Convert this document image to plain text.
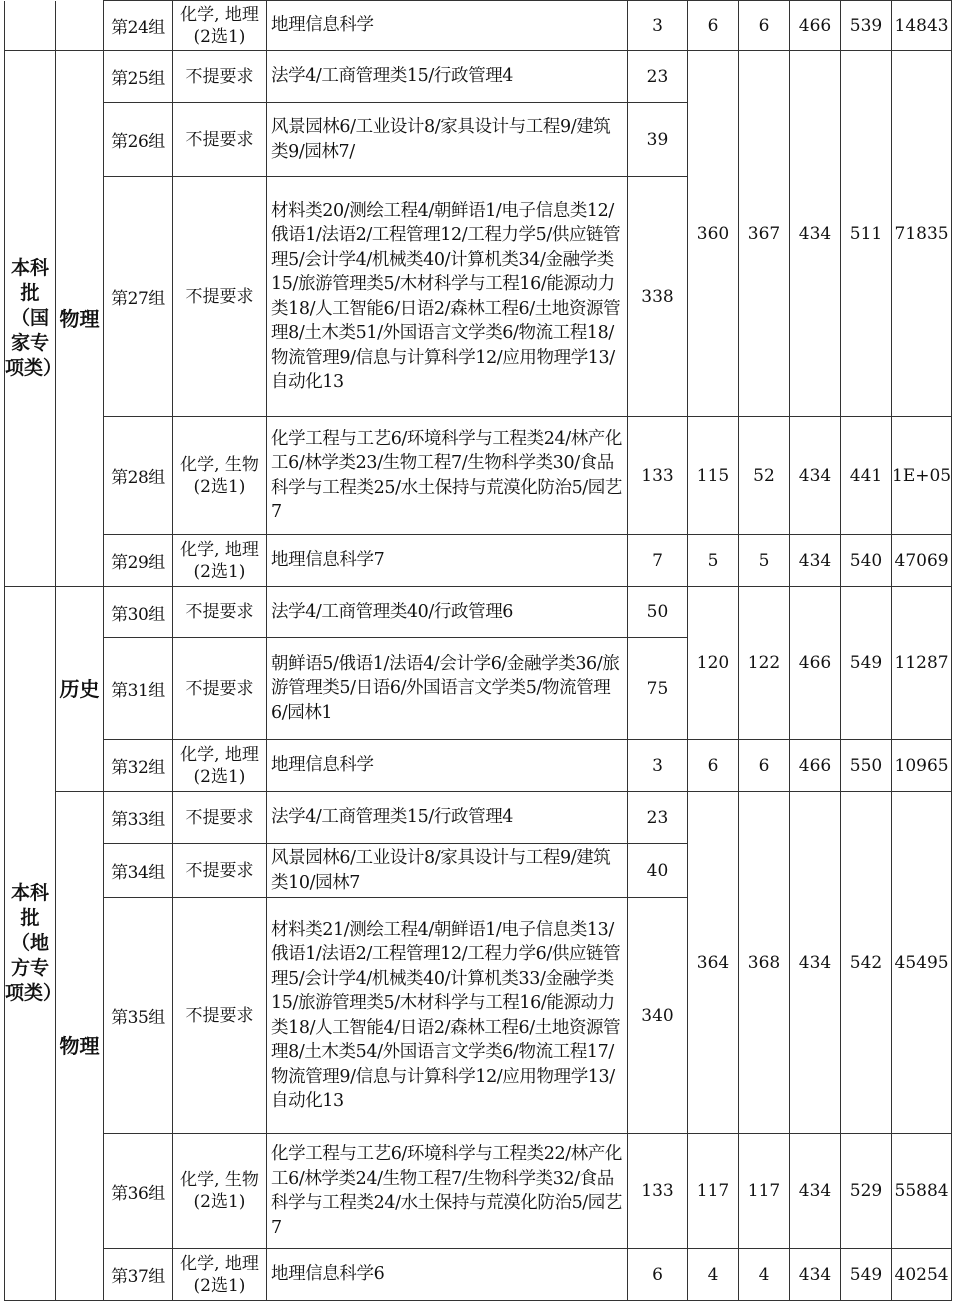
		第24组	化学, 地理(2选1)	地理信息科学	3	6	6	466	539	14843
本科批（国家专项类）	物理	第25组	不提要求	法学4/工商管理类15/行政管理4	23	360	367	434	511	71835
		第26组	不提要求	风景园林6/工业设计8/家具设计与工程9/建筑类9/园林7/	39					
		第27组	不提要求	材料类20/测绘工程4/朝鲜语1/电子信息类12/俄语1/法语2/工程管理12/工程力学5/供应链管理5/会计学4/机械类40/计算机类34/金融学类15/旅游管理类5/木材科学与工程16/能源动力类18/人工智能6/日语2/森林工程6/土地资源管理8/土木类51/外国语言文学类6/物流工程18/物流管理9/信息与计算科学12/应用物理学13/自动化13	338					
		第28组	化学, 生物(2选1)	化学工程与工艺6/环境科学与工程类24/林产化工6/林学类23/生物工程7/生物科学类30/食品科学与工程类25/水土保持与荒漠化防治5/园艺7	133	115	52	434	441	1E+05
		第29组	化学, 地理(2选1)	地理信息科学7	7	5	5	434	540	47069
本科批（地方专项类）	历史	第30组	不提要求	法学4/工商管理类40/行政管理6	50	120	122	466	549	11287
		第31组	不提要求	朝鲜语5/俄语1/法语4/会计学6/金融学类36/旅游管理类5/日语6/外国语言文学类5/物流管理6/园林1	75					
		第32组	化学, 地理(2选1)	地理信息科学	3	6	6	466	550	10965
	物理	第33组	不提要求	法学4/工商管理类15/行政管理4	23	364	368	434	542	45495
		第34组	不提要求	风景园林6/工业设计8/家具设计与工程9/建筑类10/园林7	40					
		第35组	不提要求	材料类21/测绘工程4/朝鲜语1/电子信息类13/俄语1/法语2/工程管理12/工程力学6/供应链管理5/会计学4/机械类40/计算机类33/金融学类15/旅游管理类5/木材科学与工程16/能源动力类18/人工智能4/日语2/森林工程6/土地资源管理8/土木类54/外国语言文学类6/物流工程17/物流管理9/信息与计算科学12/应用物理学13/自动化13	340					
		第36组	化学, 生物(2选1)	化学工程与工艺6/环境科学与工程类22/林产化工6/林学类24/生物工程7/生物科学类32/食品科学与工程类24/水土保持与荒漠化防治5/园艺7	133	117	117	434	529	55884
		第37组	化学, 地理(2选1)	地理信息科学6	6	4	4	434	549	40254
